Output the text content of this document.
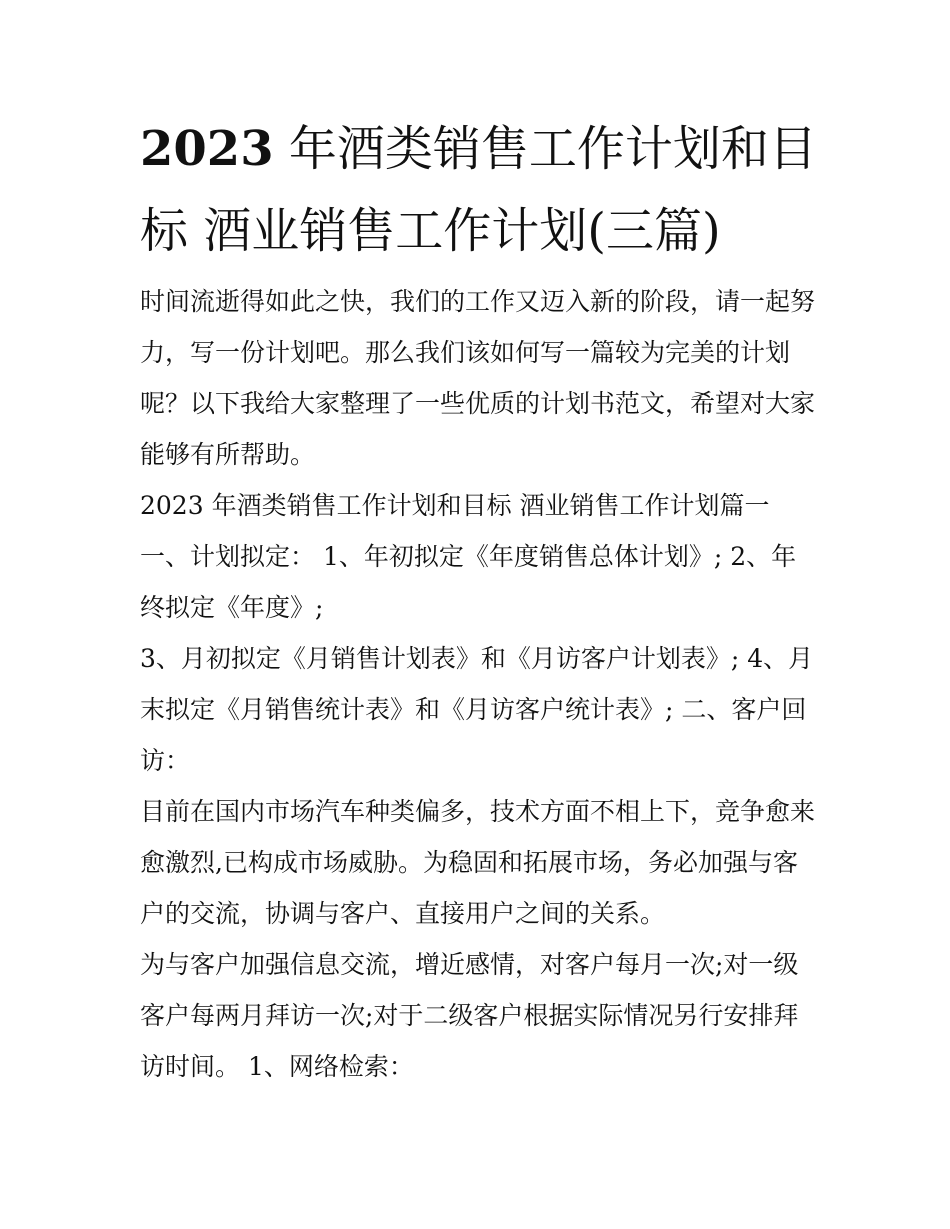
2023 年酒类销售工作计划和目标 酒业销售工作计划(三篇)

时间流逝得如此之快，我们的工作又迈入新的阶段，请一起努力，写一份计划吧。那么我们该如何写一篇较为完美的计划呢？以下我给大家整理了一些优质的计划书范文，希望对大家能够有所帮助。

2023 年酒类销售工作计划和目标 酒业销售工作计划篇一 一、计划拟定： 1、年初拟定《年度销售总体计划》; 2、年终拟定《年度》;

3、月初拟定《月销售计划表》和《月访客户计划表》; 4、月末拟定《月销售统计表》和《月访客户统计表》; 二、客户回访：

目前在国内市场汽车种类偏多，技术方面不相上下，竞争愈来愈激烈,已构成市场威胁。为稳固和拓展市场，务必加强与客户的交流，协调与客户、直接用户之间的关系。

为与客户加强信息交流，增近感情，对客户每月一次;对一级客户每两月拜访一次;对于二级客户根据实际情况另行安排拜访时间。 1、网络检索：
